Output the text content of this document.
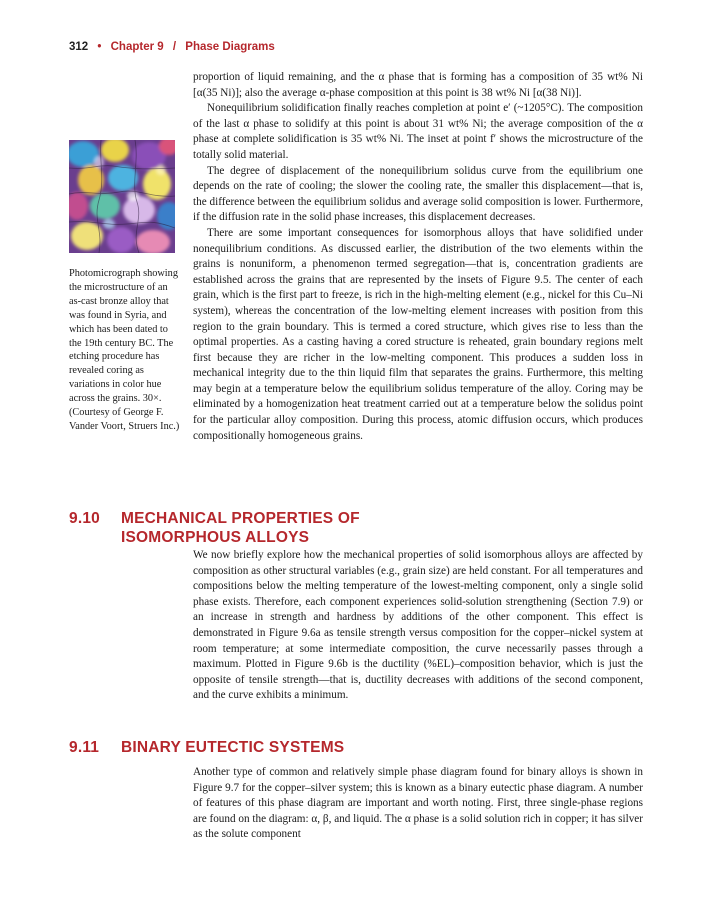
312 • Chapter 9 / Phase Diagrams

proportion of liquid remaining, and the α phase that is forming has a composition of 35 wt% Ni [α(35 Ni)]; also the average α-phase composition at this point is 38 wt% Ni [α(38 Ni)].

Nonequilibrium solidification finally reaches completion at point e′ (~1205°C). The composition of the last α phase to solidify at this point is about 31 wt% Ni; the average composition of the α phase at complete solidification is 35 wt% Ni. The inset at point f′ shows the microstructure of the totally solid material.

The degree of displacement of the nonequilibrium solidus curve from the equilibrium one depends on the rate of cooling; the slower the cooling rate, the smaller this displacement—that is, the difference between the equilibrium solidus and average solid composition is lower. Furthermore, if the diffusion rate in the solid phase increases, this displacement decreases.

There are some important consequences for isomorphous alloys that have solidified under nonequilibrium conditions. As discussed earlier, the distribution of the two elements within the grains is nonuniform, a phenomenon termed segregation—that is, concentration gradients are established across the grains that are represented by the insets of Figure 9.5. The center of each grain, which is the first part to freeze, is rich in the high-melting element (e.g., nickel for this Cu–Ni system), whereas the concentration of the low-melting element increases with position from this region to the grain boundary. This is termed a cored structure, which gives rise to less than the optimal properties. As a casting having a cored structure is reheated, grain boundary regions melt first because they are richer in the low-melting component. This produces a sudden loss in mechanical integrity due to the thin liquid film that separates the grains. Furthermore, this melting may begin at a temperature below the equilibrium solidus temperature of the alloy. Coring may be eliminated by a homogenization heat treatment carried out at a temperature below the solidus point for the particular alloy composition. During this process, atomic diffusion occurs, which produces compositionally homogeneous grains.

Photomicrograph showing the microstructure of an as-cast bronze alloy that was found in Syria, and which has been dated to the 19th century BC. The etching procedure has revealed coring as variations in color hue across the grains. 30×.

(Courtesy of George F. Vander Voort, Struers Inc.)

9.10 MECHANICAL PROPERTIES OF
ISOMORPHOUS ALLOYS

We now briefly explore how the mechanical properties of solid isomorphous alloys are affected by composition as other structural variables (e.g., grain size) are held constant. For all temperatures and compositions below the melting temperature of the lowest-melting component, only a single solid phase exists. Therefore, each component experiences solid-solution strengthening (Section 7.9) or an increase in strength and hardness by additions of the other component. This effect is demonstrated in Figure 9.6a as tensile strength versus composition for the copper–nickel system at room temperature; at some intermediate composition, the curve necessarily passes through a maximum. Plotted in Figure 9.6b is the ductility (%EL)–composition behavior, which is just the opposite of tensile strength—that is, ductility decreases with additions of the second component, and the curve exhibits a minimum.

9.11 BINARY EUTECTIC SYSTEMS

Another type of common and relatively simple phase diagram found for binary alloys is shown in Figure 9.7 for the copper–silver system; this is known as a binary eutectic phase diagram. A number of features of this phase diagram are important and worth noting. First, three single-phase regions are found on the diagram: α, β, and liquid. The α phase is a solid solution rich in copper; it has silver as the solute component
